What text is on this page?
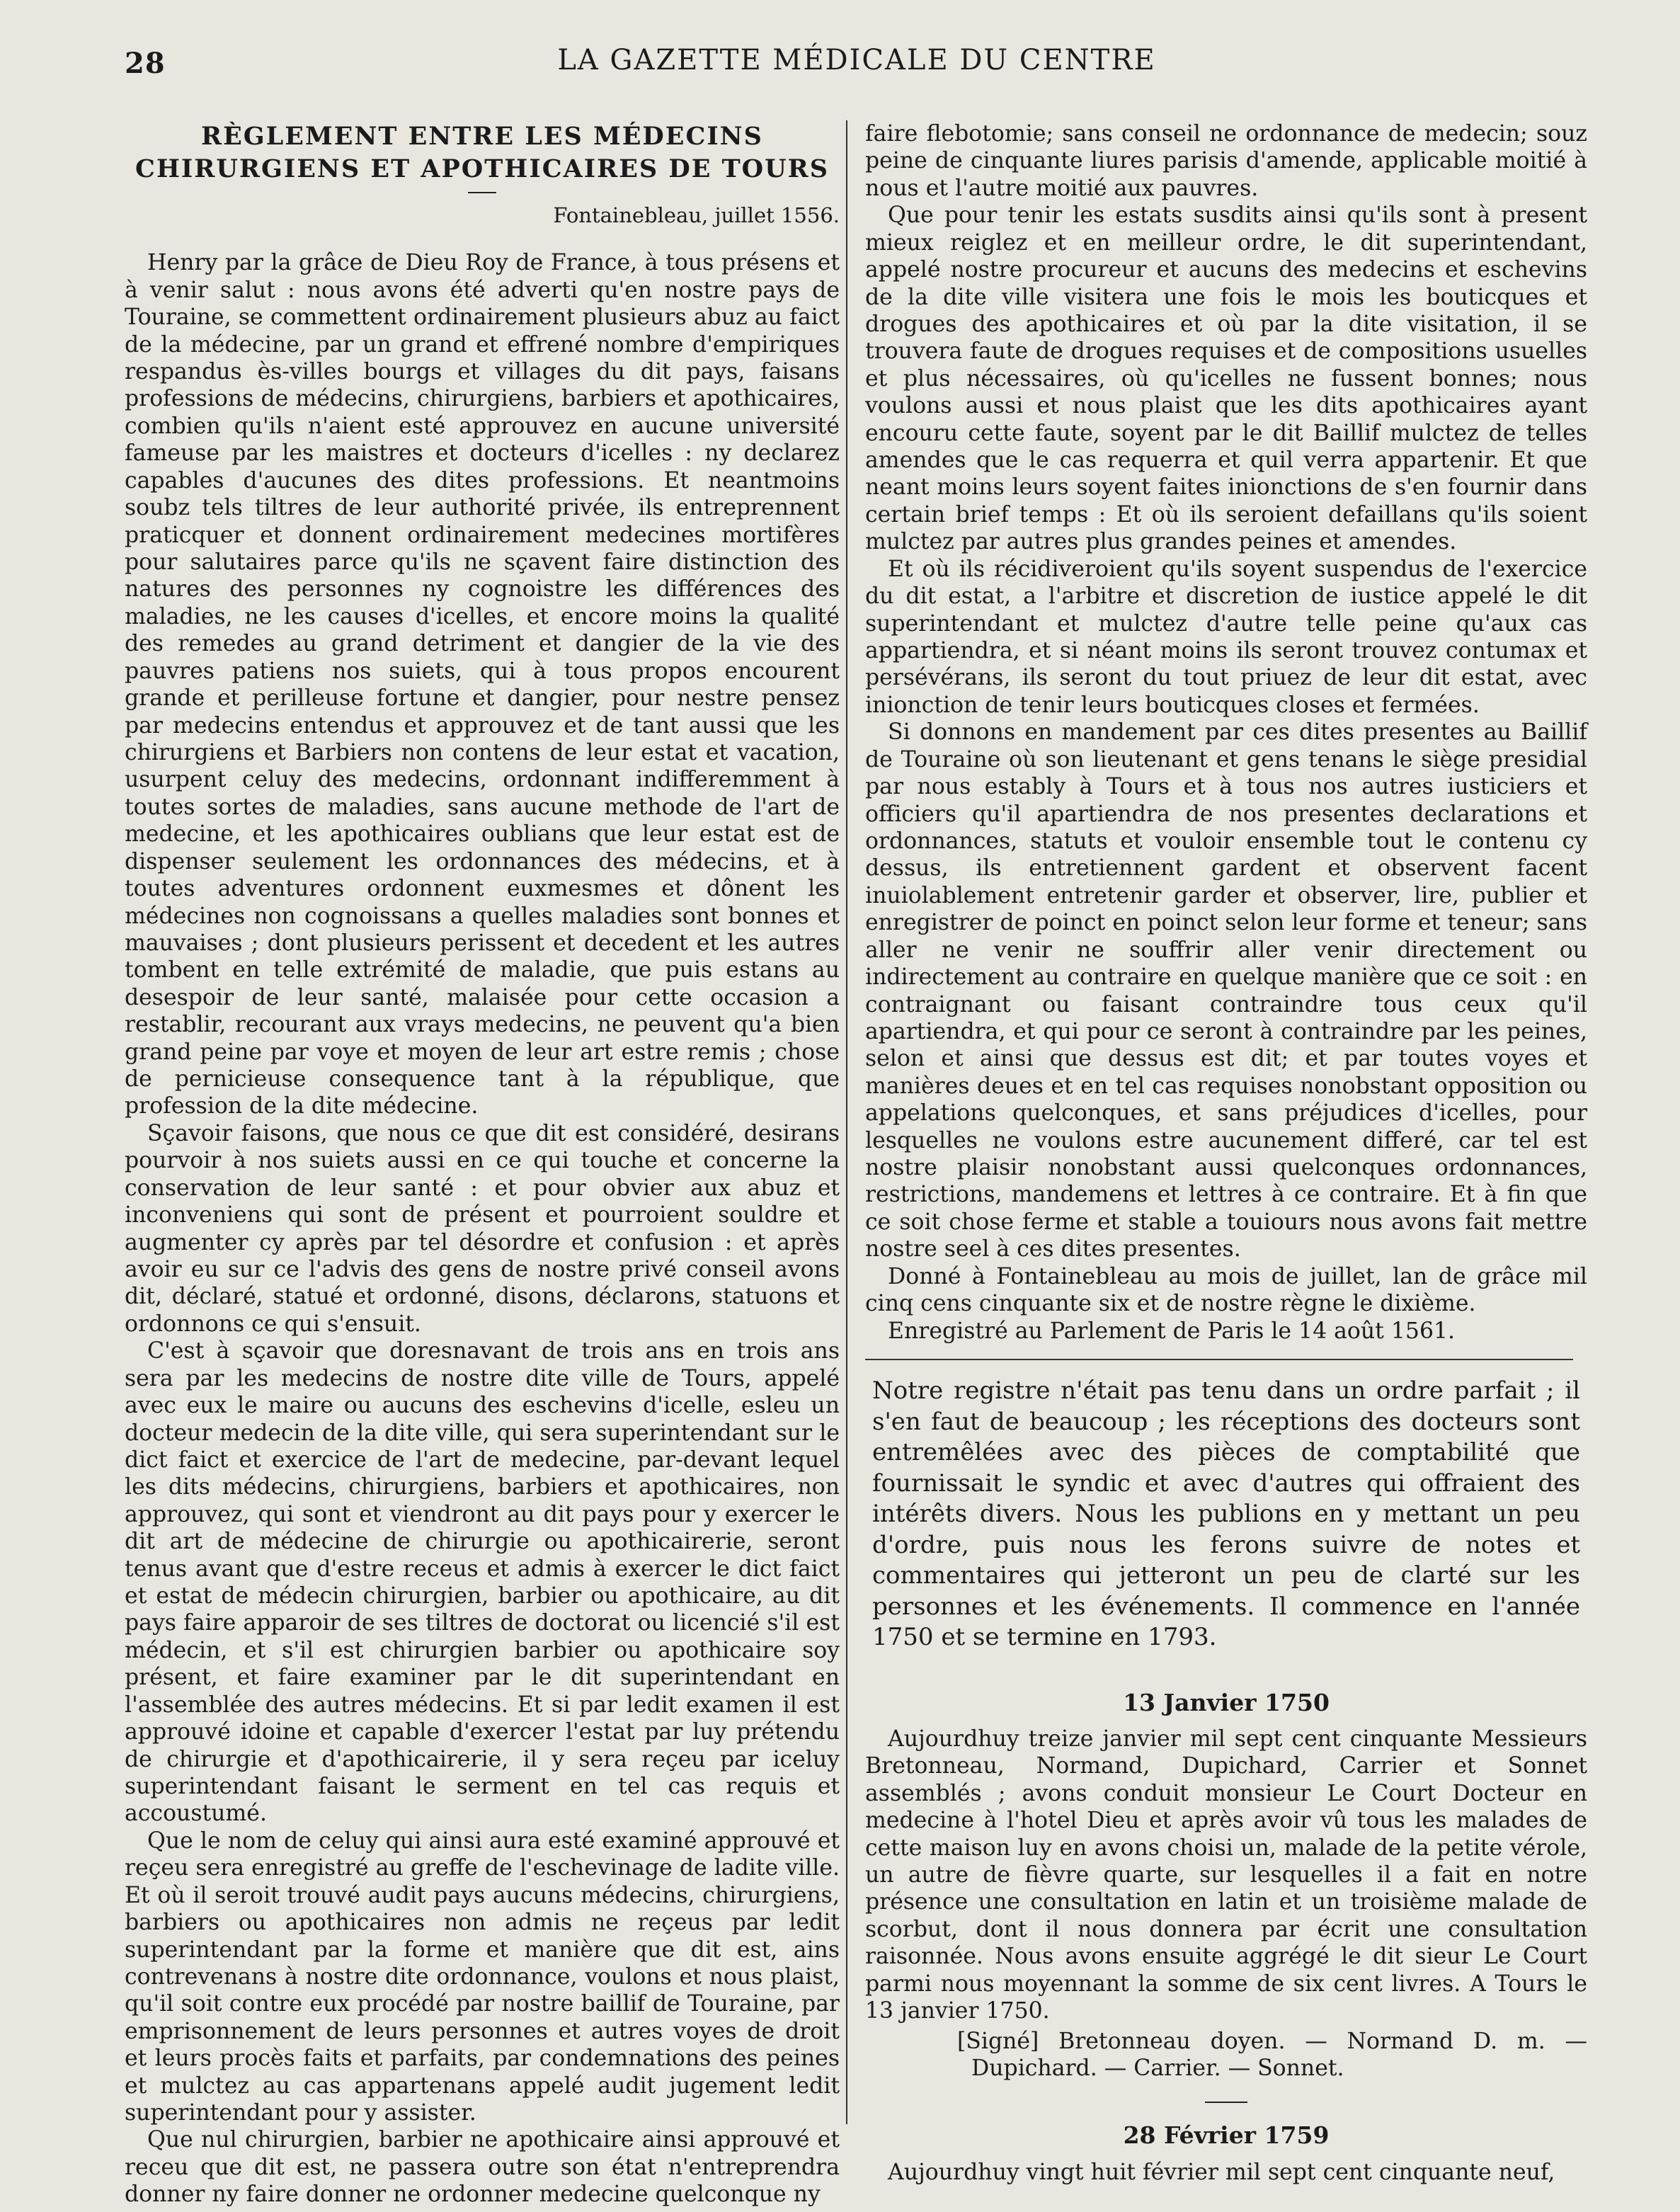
28	LA GAZETTE MÉDICALE DU CENTRE
RÈGLEMENT ENTRE LES MÉDECINS
CHIRURGIENS ET APOTHICAIRES DE TOURS
Fontainebleau, juillet 1556.

Henry par la grâce de Dieu Roy de France, à tous présens et à venir salut : nous avons été adverti qu'en nostre pays de Touraine, se commettent ordinairement plusieurs abuz au faict de la médecine, par un grand et effrené nombre d'empiriques respandus ès-villes bourgs et villages du dit pays, faisans professions de médecins, chirurgiens, barbiers et apothicaires, combien qu'ils n'aient esté approuvez en aucune université fameuse par les maistres et docteurs d'icelles : ny declarez capables d'aucunes des dites professions. Et neantmoins soubz tels tiltres de leur authorité privée, ils entreprennent praticquer et donnent ordinairement medecines mortifères pour salutaires parce qu'ils ne sçavent faire distinction des natures des personnes ny cognoistre les différences des maladies, ne les causes d'icelles, et encore moins la qualité des remedes au grand detriment et dangier de la vie des pauvres patiens nos suiets, qui à tous propos encourent grande et perilleuse fortune et dangier, pour nestre pensez par medecins entendus et approuvez et de tant aussi que les chirurgiens et Barbiers non contens de leur estat et vacation, usurpent celuy des medecins, ordonnant indifferemment à toutes sortes de maladies, sans aucune methode de l'art de medecine, et les apothicaires oublians que leur estat est de dispenser seulement les ordonnances des médecins, et à toutes adventures ordonnent euxmesmes et dônent les médecines non cognoissans a quelles maladies sont bonnes et mauvaises ; dont plusieurs perissent et decedent et les autres tombent en telle extrémité de maladie, que puis estans au desespoir de leur santé, malaisée pour cette occasion a restablir, recourant aux vrays medecins, ne peuvent qu'a bien grand peine par voye et moyen de leur art estre remis ; chose de pernicieuse consequence tant à la république, que profession de la dite médecine.

Sçavoir faisons, que nous ce que dit est considéré, desirans pourvoir à nos suiets aussi en ce qui touche et concerne la conservation de leur santé : et pour obvier aux abuz et inconveniens qui sont de présent et pourroient souldre et augmenter cy après par tel désordre et confusion : et après avoir eu sur ce l'advis des gens de nostre privé conseil avons dit, déclaré, statué et ordonné, disons, déclarons, statuons et ordonnons ce qui s'ensuit.

C'est à sçavoir que doresnavant de trois ans en trois ans sera par les medecins de nostre dite ville de Tours, appelé avec eux le maire ou aucuns des eschevins d'icelle, esleu un docteur medecin de la dite ville, qui sera superintendant sur le dict faict et exercice de l'art de medecine, par-devant lequel les dits médecins, chirurgiens, barbiers et apothicaires, non approuvez, qui sont et viendront au dit pays pour y exercer le dit art de médecine de chirurgie ou apothicairerie, seront tenus avant que d'estre receus et admis à exercer le dict faict et estat de médecin chirurgien, barbier ou apothicaire, au dit pays faire apparoir de ses tiltres de doctorat ou licencié s'il est médecin, et s'il est chirurgien barbier ou apothicaire soy présent, et faire examiner par le dit superintendant en l'assemblée des autres médecins. Et si par ledit examen il est approuvé idoine et capable d'exercer l'estat par luy prétendu de chirurgie et d'apothicairerie, il y sera reçeu par iceluy superintendant faisant le serment en tel cas requis et accoustumé.

Que le nom de celuy qui ainsi aura esté examiné approuvé et reçeu sera enregistré au greffe de l'eschevinage de ladite ville. Et où il seroit trouvé audit pays aucuns médecins, chirurgiens, barbiers ou apothicaires non admis ne reçeus par ledit superintendant par la forme et manière que dit est, ains contrevenans à nostre dite ordonnance, voulons et nous plaist, qu'il soit contre eux procédé par nostre baillif de Touraine, par emprisonnement de leurs personnes et autres voyes de droit et leurs procès faits et parfaits, par condemnations des peines et mulctez au cas appartenans appelé audit jugement ledit superintendant pour y assister.

Que nul chirurgien, barbier ne apothicaire ainsi approuvé et receu que dit est, ne passera outre son état n'entreprendra donner ny faire donner ne ordonner medecine quelconque ny

faire flebotomie; sans conseil ne ordonnance de medecin; souz peine de cinquante liures parisis d'amende, applicable moitié à nous et l'autre moitié aux pauvres.

Que pour tenir les estats susdits ainsi qu'ils sont à present mieux reiglez et en meilleur ordre, le dit superintendant, appelé nostre procureur et aucuns des medecins et eschevins de la dite ville visitera une fois le mois les bouticques et drogues des apothicaires et où par la dite visitation, il se trouvera faute de drogues requises et de compositions usuelles et plus nécessaires, où qu'icelles ne fussent bonnes; nous voulons aussi et nous plaist que les dits apothicaires ayant encouru cette faute, soyent par le dit Baillif mulctez de telles amendes que le cas requerra et quil verra appartenir. Et que neant moins leurs soyent faites inionctions de s'en fournir dans certain brief temps : Et où ils seroient defaillans qu'ils soient mulctez par autres plus grandes peines et amendes.

Et où ils récidiveroient qu'ils soyent suspendus de l'exercice du dit estat, a l'arbitre et discretion de iustice appelé le dit superintendant et mulctez d'autre telle peine qu'aux cas appartiendra, et si néant moins ils seront trouvez contumax et persévérans, ils seront du tout priuez de leur dit estat, avec inionction de tenir leurs bouticques closes et fermées.

Si donnons en mandement par ces dites presentes au Baillif de Touraine où son lieutenant et gens tenans le siège presidial par nous estably à Tours et à tous nos autres iusticiers et officiers qu'il apartiendra de nos presentes declarations et ordonnances, statuts et vouloir ensemble tout le contenu cy dessus, ils entretiennent gardent et observent facent inuiolablement entretenir garder et observer, lire, publier et enregistrer de poinct en poinct selon leur forme et teneur; sans aller ne venir ne souffrir aller venir directement ou indirectement au contraire en quelque manière que ce soit : en contraignant ou faisant contraindre tous ceux qu'il apartiendra, et qui pour ce seront à contraindre par les peines, selon et ainsi que dessus est dit; et par toutes voyes et manières deues et en tel cas requises nonobstant opposition ou appelations quelconques, et sans préjudices d'icelles, pour lesquelles ne voulons estre aucunement differé, car tel est nostre plaisir nonobstant aussi quelconques ordonnances, restrictions, mandemens et lettres à ce contraire. Et à fin que ce soit chose ferme et stable a touiours nous avons fait mettre nostre seel à ces dites presentes.

Donné à Fontainebleau au mois de juillet, lan de grâce mil cinq cens cinquante six et de nostre règne le dixième.

Enregistré au Parlement de Paris le 14 août 1561.

Notre registre n'était pas tenu dans un ordre parfait ; il s'en faut de beaucoup ; les réceptions des docteurs sont entremêlées avec des pièces de comptabilité que fournissait le syndic et avec d'autres qui offraient des intérêts divers. Nous les publions en y mettant un peu d'ordre, puis nous les ferons suivre de notes et commentaires qui jetteront un peu de clarté sur les personnes et les événements. Il commence en l'année 1750 et se termine en 1793.

13 Janvier 1750

Aujourdhuy treize janvier mil sept cent cinquante Messieurs Bretonneau, Normand, Dupichard, Carrier et Sonnet assemblés ; avons conduit monsieur Le Court Docteur en medecine à l'hotel Dieu et après avoir vû tous les malades de cette maison luy en avons choisi un, malade de la petite vérole, un autre de fièvre quarte, sur lesquelles il a fait en notre présence une consultation en latin et un troisième malade de scorbut, dont il nous donnera par écrit une consultation raisonnée. Nous avons ensuite aggrégé le dit sieur Le Court parmi nous moyennant la somme de six cent livres. A Tours le 13 janvier 1750.

[Signé] Bretonneau doyen. — Normand D. m. — Dupichard. — Carrier. — Sonnet.

28 Février 1759

Aujourdhuy vingt huit février mil sept cent cinquante neuf,
